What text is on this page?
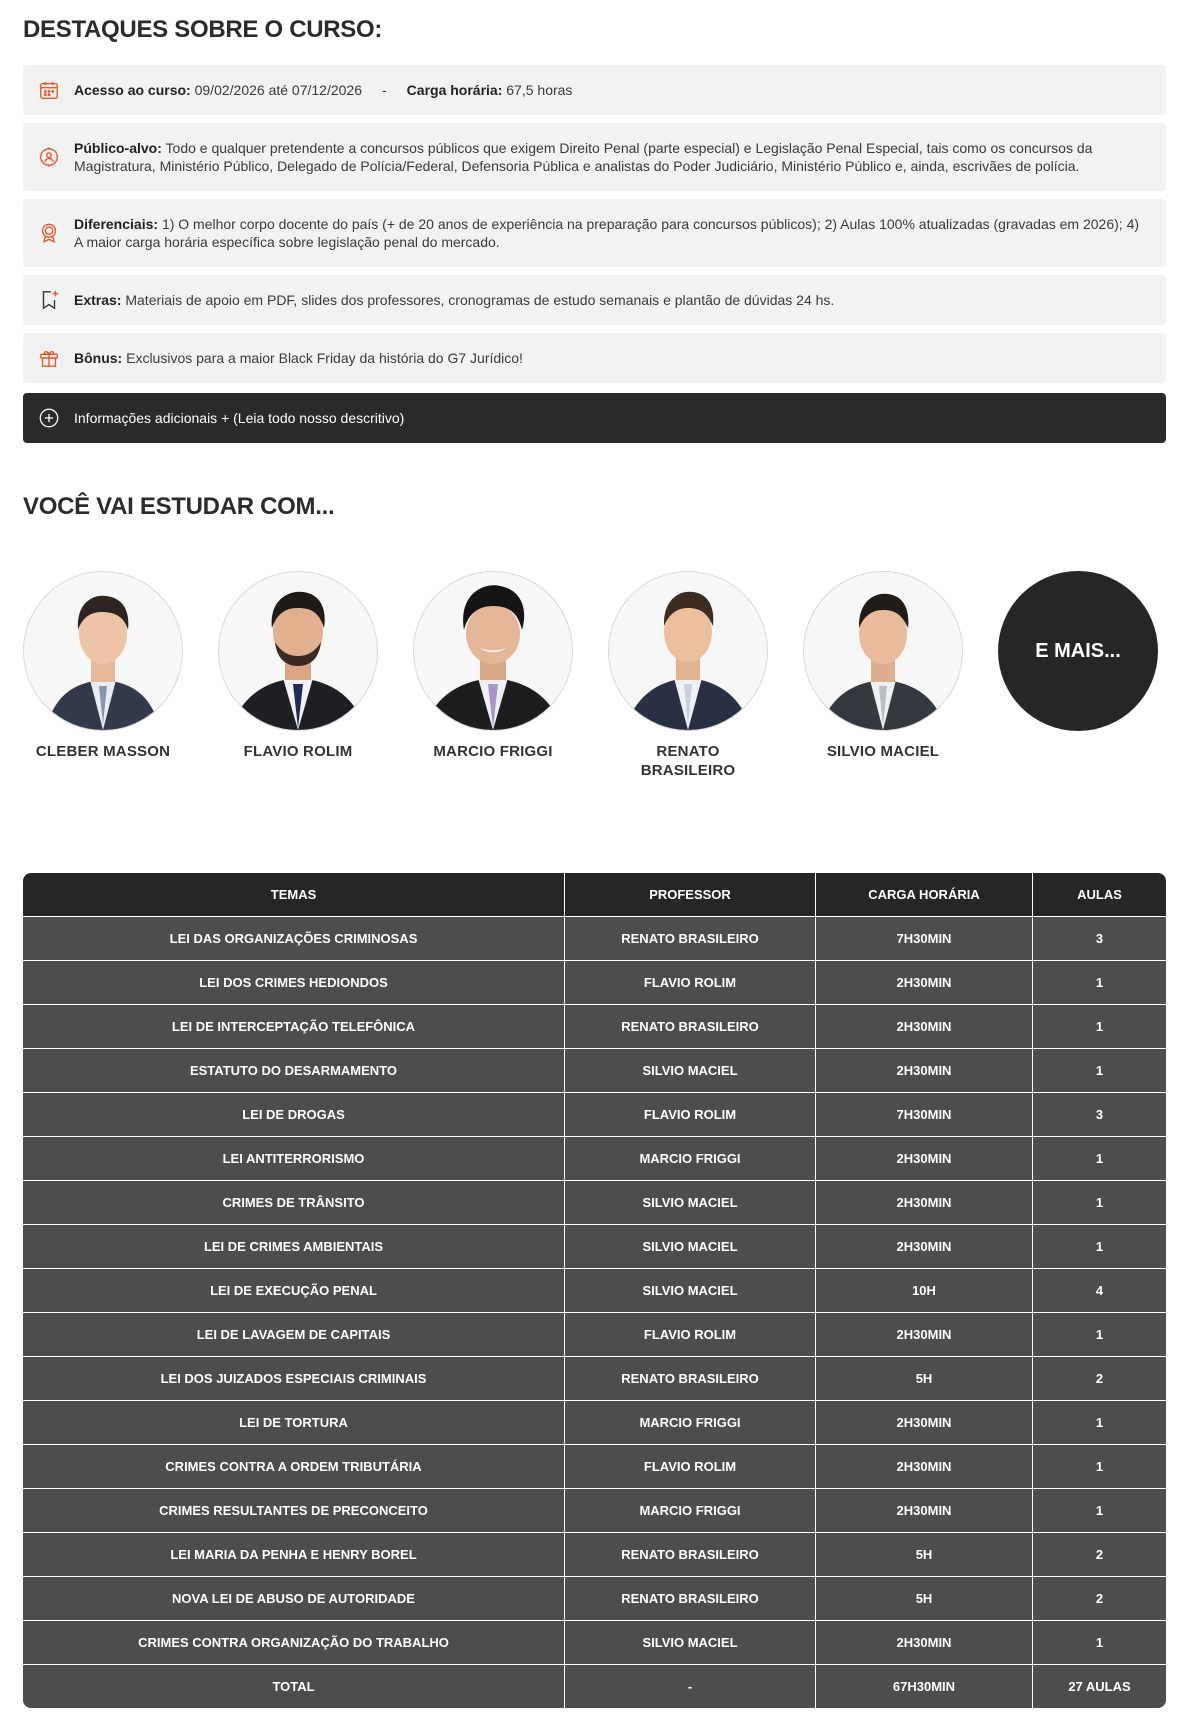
DESTAQUES SOBRE O CURSO:
Acesso ao curso: 09/02/2026 até 07/12/2026 - Carga horária: 67,5 horas
Público-alvo: Todo e qualquer pretendente a concursos públicos que exigem Direito Penal (parte especial) e Legislação Penal Especial, tais como os concursos da Magistratura, Ministério Público, Delegado de Polícia/Federal, Defensoria Pública e analistas do Poder Judiciário, Ministério Público e, ainda, escrivães de polícia.
Diferenciais: 1) O melhor corpo docente do país (+ de 20 anos de experiência na preparação para concursos públicos); 2) Aulas 100% atualizadas (gravadas em 2026); 4) A maior carga horária específica sobre legislação penal do mercado.
Extras: Materiais de apoio em PDF, slides dos professores, cronogramas de estudo semanais e plantão de dúvidas 24 hs.
Bônus: Exclusivos para a maior Black Friday da história do G7 Jurídico!
Informações adicionais + (Leia todo nosso descritivo)
VOCÊ VAI ESTUDAR COM...
CLEBER MASSON	FLAVIO ROLIM	MARCIO FRIGGI	RENATO BRASILEIRO
SILVIO MACIEL
E MAIS...
TEMAS	PROFESSOR	CARGA HORÁRIA	AULAS
LEI DAS ORGANIZAÇÕES CRIMINOSAS	RENATO BRASILEIRO	7H30MIN	3
LEI DOS CRIMES HEDIONDOS	FLAVIO ROLIM	2H30MIN	1
LEI DE INTERCEPTAÇÃO TELEFÔNICA	RENATO BRASILEIRO	2H30MIN	1
ESTATUTO DO DESARMAMENTO	SILVIO MACIEL	2H30MIN	1
LEI DE DROGAS	FLAVIO ROLIM	7H30MIN	3
LEI ANTITERRORISMO	MARCIO FRIGGI	2H30MIN	1
CRIMES DE TRÂNSITO	SILVIO MACIEL	2H30MIN	1
LEI DE CRIMES AMBIENTAIS	SILVIO MACIEL	2H30MIN	1
LEI DE EXECUÇÃO PENAL	SILVIO MACIEL	10H	4
LEI DE LAVAGEM DE CAPITAIS	FLAVIO ROLIM	2H30MIN	1
LEI DOS JUIZADOS ESPECIAIS CRIMINAIS	RENATO BRASILEIRO	5H	2
LEI DE TORTURA	MARCIO FRIGGI	2H30MIN	1
CRIMES CONTRA A ORDEM TRIBUTÁRIA	FLAVIO ROLIM	2H30MIN	1
CRIMES RESULTANTES DE PRECONCEITO	MARCIO FRIGGI	2H30MIN	1
LEI MARIA DA PENHA E HENRY BOREL	RENATO BRASILEIRO	5H	2
NOVA LEI DE ABUSO DE AUTORIDADE	RENATO BRASILEIRO	5H	2
CRIMES CONTRA ORGANIZAÇÃO DO TRABALHO	SILVIO MACIEL	2H30MIN	1
TOTAL	-	67H30MIN	27 AULAS
